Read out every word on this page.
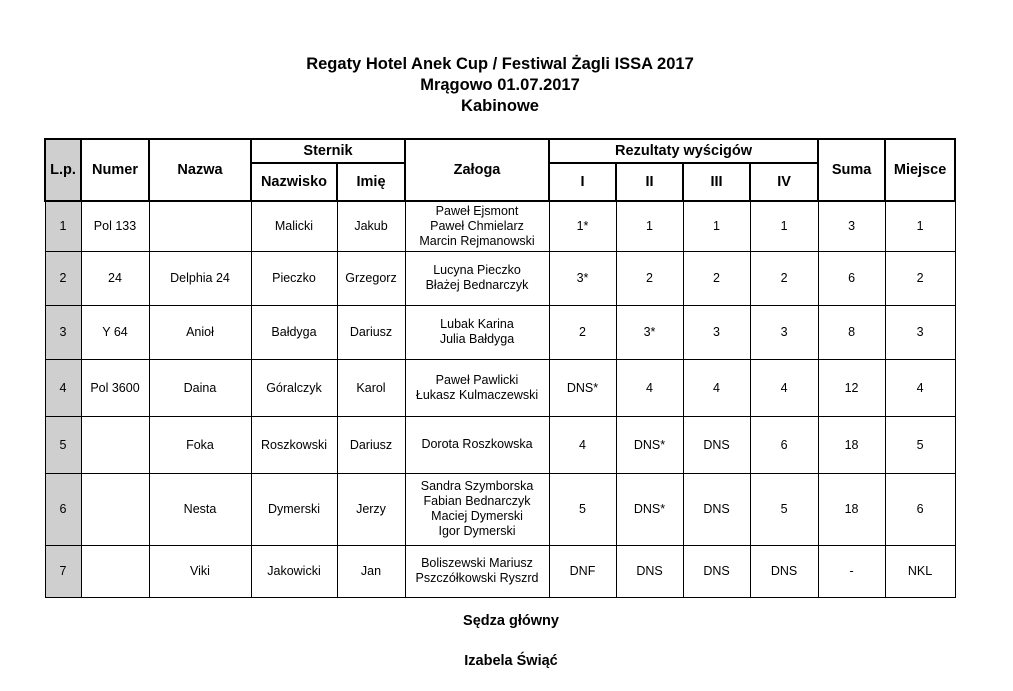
Regaty Hotel Anek Cup / Festiwal Żagli ISSA 2017
Mrągowo 01.07.2017
Kabinowe
L.p.	Numer	Nazwa	Sternik		Załoga	Rezultaty wyścigów				Suma	Miejsce
			Nazwisko	Imię		I	II	III	IV		
1	Pol 133		Malicki	Jakub	Paweł Ejsmont
Paweł Chmielarz
Marcin Rejmanowski	1*	1	1	1	3	1
2	24	Delphia 24	Pieczko	Grzegorz	Lucyna Pieczko
Błażej Bednarczyk	3*	2	2	2	6	2
3	Y 64	Anioł	Bałdyga	Dariusz	Lubak Karina
Julia Bałdyga	2	3*	3	3	8	3
4	Pol 3600	Daina	Góralczyk	Karol	Paweł Pawlicki
Łukasz Kulmaczewski	DNS*	4	4	4	12	4
5		Foka	Roszkowski	Dariusz	Dorota Roszkowska	4	DNS*	DNS	6	18	5
6		Nesta	Dymerski	Jerzy	Sandra Szymborska
Fabian Bednarczyk
Maciej Dymerski
Igor Dymerski	5	DNS*	DNS	5	18	6
7		Viki	Jakowicki	Jan	Boliszewski Mariusz
Pszczółkowski Ryszrd	DNF	DNS	DNS	DNS	-	NKL
Sędza główny
Izabela Świąć
